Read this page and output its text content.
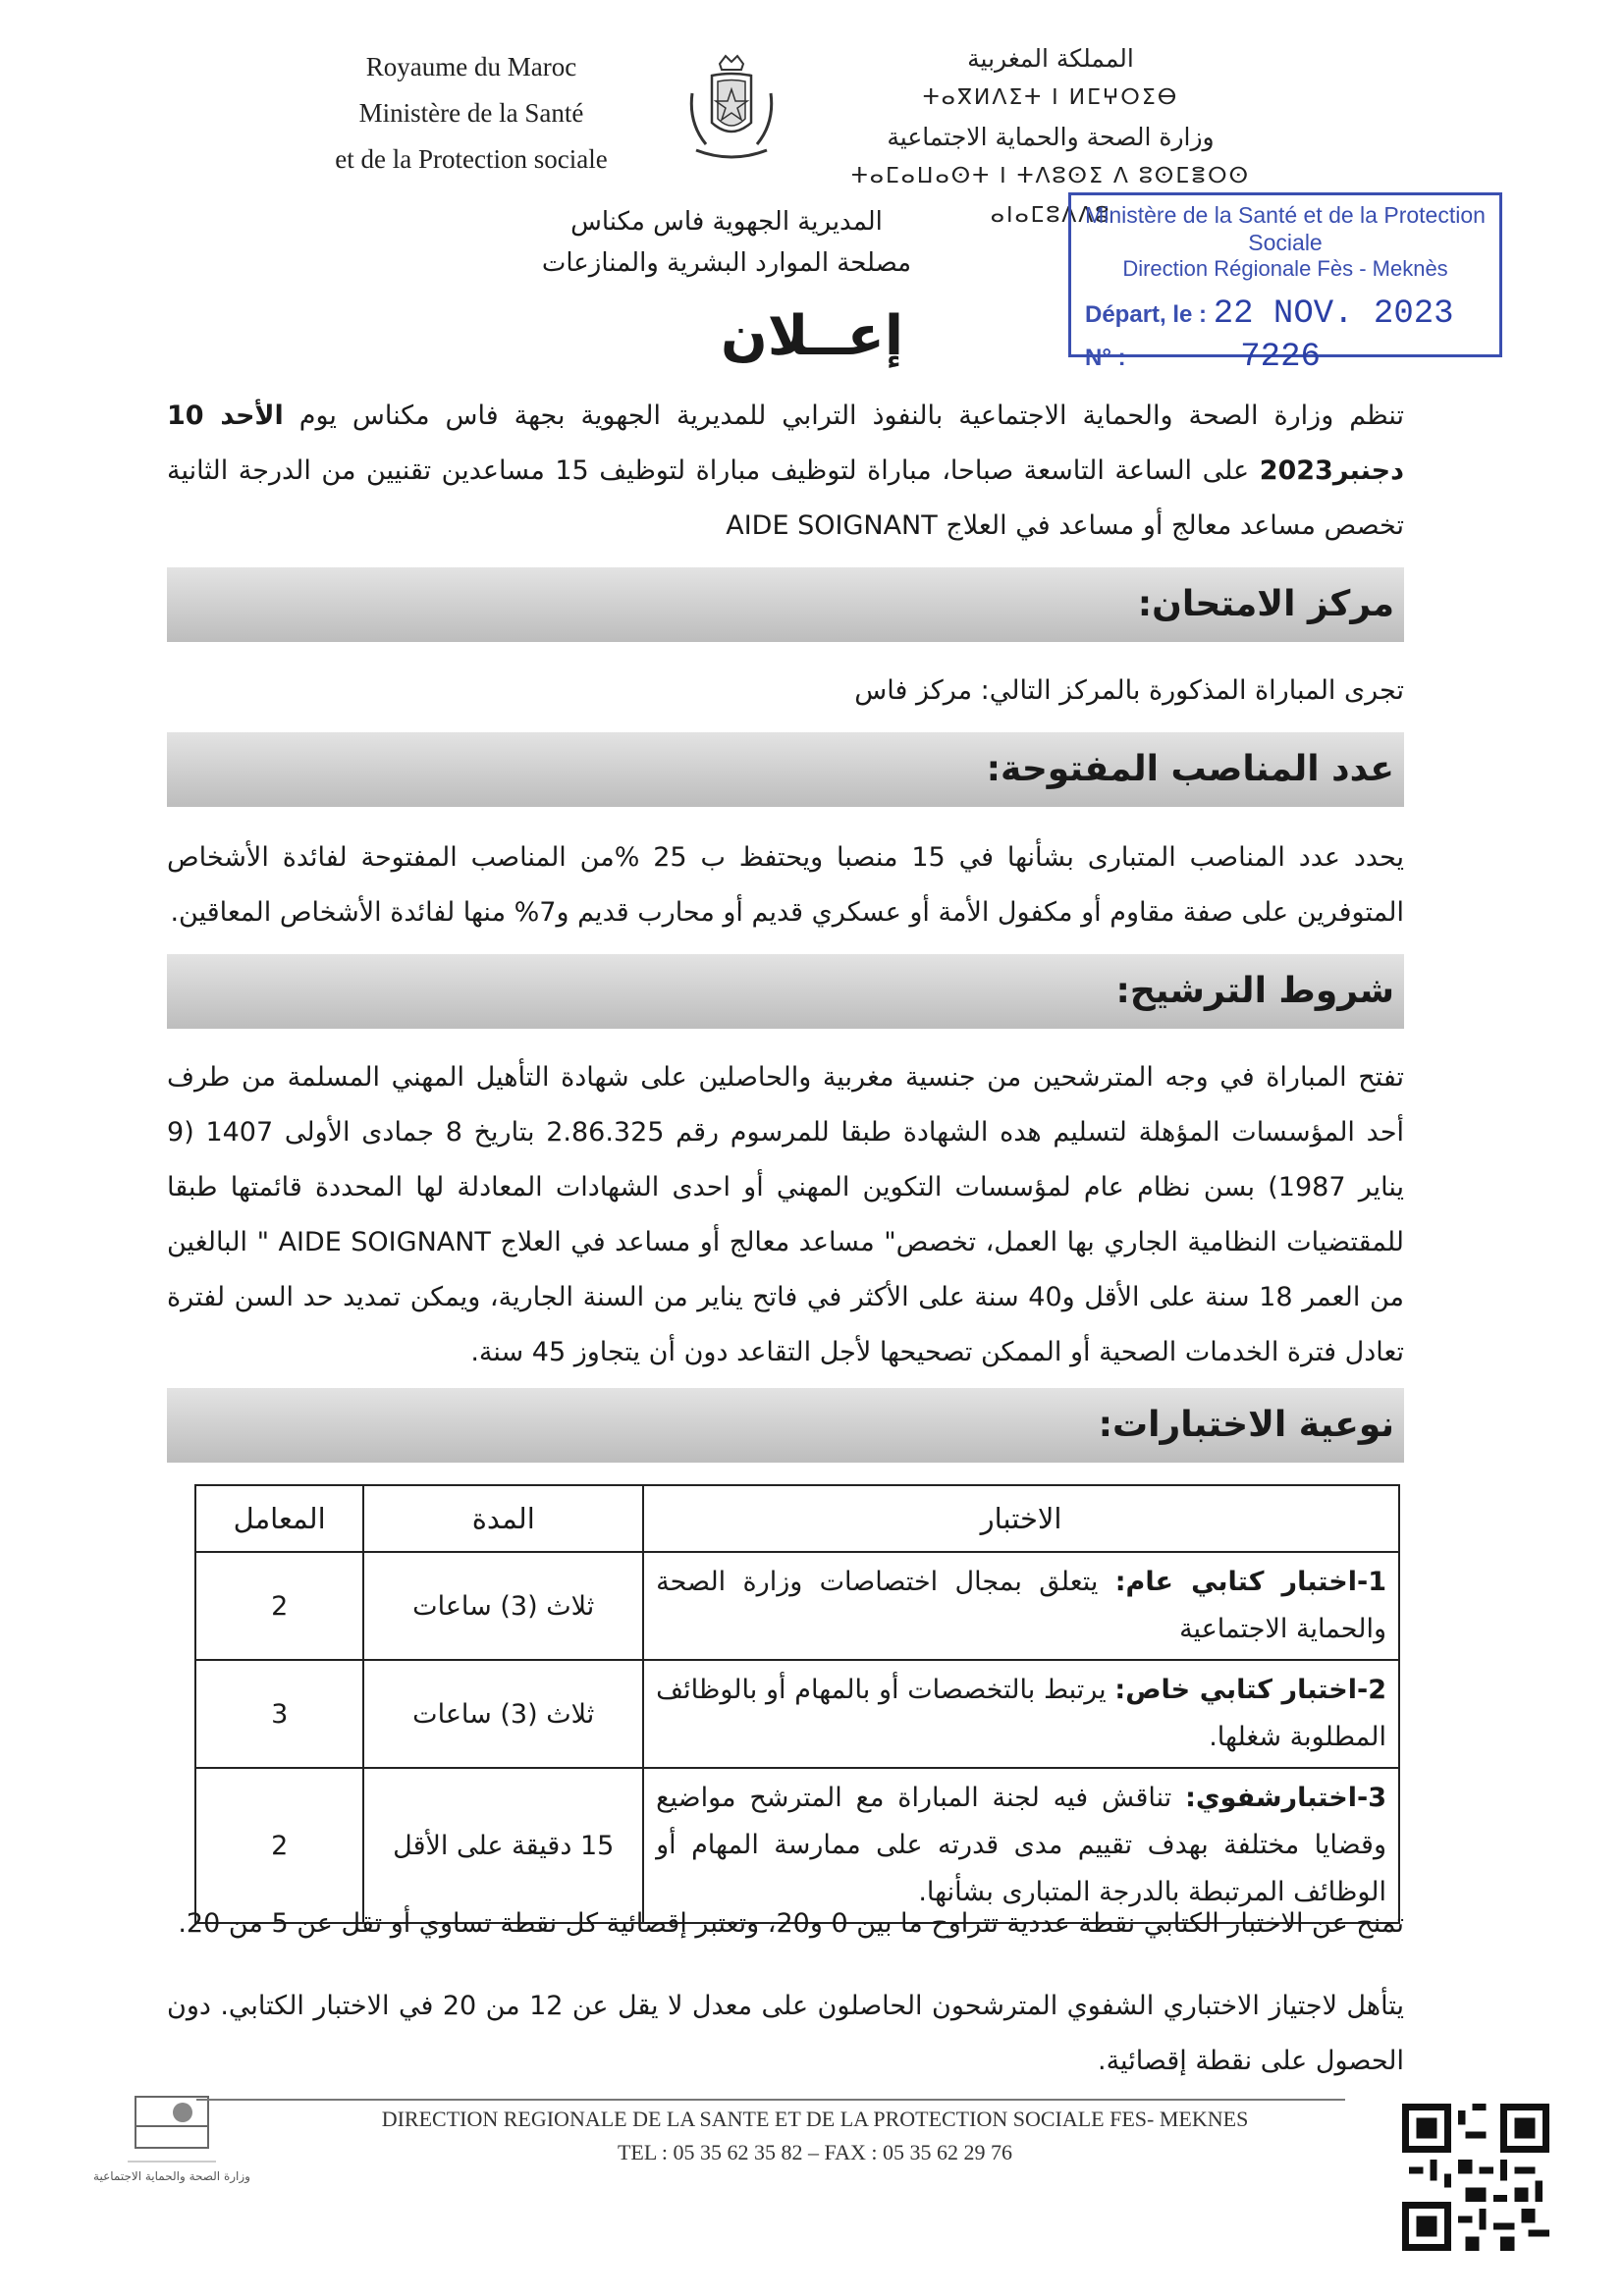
Royaume du Maroc
Ministère de la Santé
et de la Protection sociale
المملكة المغربية
ⵜⴰⴳⵍⴷⵉⵜ ⵏ ⵍⵎⵖⵔⵉⴱ
وزارة الصحة والحماية الاجتماعية
ⵜⴰⵎⴰⵡⴰⵙⵜ ⵏ ⵜⴷⵓⵙⵉ ⴷ ⵓⵙⵎⴻⵔⵙ ⴰⵏⴰⵎⵓⴷⴷⵓ
المديرية الجهوية فاس مكناس
مصلحة الموارد البشرية والمنازعات
Ministère de la Santé et de la Protection Sociale
Direction Régionale Fès - Meknès
Départ, le : 22 NOV. 2023
N° :	7226
إعــلان
تنظم وزارة الصحة والحماية الاجتماعية بالنفوذ الترابي للمديرية الجهوية بجهة فاس مكناس يوم الأحد 10 دجنبر2023 على الساعة التاسعة صباحا، مباراة لتوظيف مباراة لتوظيف 15 مساعدين تقنيين من الدرجة الثانية تخصص مساعد معالج أو مساعد في العلاج AIDE SOIGNANT
مركز الامتحان:
تجرى المباراة المذكورة بالمركز التالي: مركز فاس
عدد المناصب المفتوحة:
يحدد عدد المناصب المتبارى بشأنها في 15 منصبا ويحتفظ ب 25 %من المناصب المفتوحة لفائدة الأشخاص المتوفرين على صفة مقاوم أو مكفول الأمة أو عسكري قديم أو محارب قديم و7% منها لفائدة الأشخاص المعاقين.
شروط الترشيح:
تفتح المباراة في وجه المترشحين من جنسية مغربية والحاصلين على شهادة التأهيل المهني المسلمة من طرف أحد المؤسسات المؤهلة لتسليم هده الشهادة طبقا للمرسوم رقم 2.86.325 بتاريخ 8 جمادى الأولى 1407 (9 يناير 1987) بسن نظام عام لمؤسسات التكوين المهني أو احدى الشهادات المعادلة لها المحددة قائمتها طبقا للمقتضيات النظامية الجاري بها العمل، تخصص" مساعد معالج أو مساعد في العلاج AIDE SOIGNANT " البالغين من العمر 18 سنة على الأقل و40 سنة على الأكثر في فاتح يناير من السنة الجارية، ويمكن تمديد حد السن لفترة تعادل فترة الخدمات الصحية أو الممكن تصحيحها لأجل التقاعد دون أن يتجاوز 45 سنة.
نوعية الاختبارات:
الاختبار	المدة	المعامل
1-اختبار كتابي عام: يتعلق بمجال اختصاصات وزارة الصحة والحماية الاجتماعية	ثلاث (3) ساعات	2
2-اختبار كتابي خاص: يرتبط بالتخصصات أو بالمهام أو بالوظائف المطلوبة شغلها.	ثلاث (3) ساعات	3
3-اختبارشفوي: تناقش فيه لجنة المباراة مع المترشح مواضيع وقضايا مختلفة بهدف تقييم مدى قدرته على ممارسة المهام أو الوظائف المرتبطة بالدرجة المتبارى بشأنها.	15 دقيقة على الأقل	2
تمنح عن الاختبار الكتابي نقطة عددية تتراوح ما بين 0 و20، وتعتبر إقصائية كل نقطة تساوي أو تقل عن 5 من 20.
يتأهل لاجتياز الاختباري الشفوي المترشحون الحاصلون على معدل لا يقل عن 12 من 20 في الاختبار الكتابي. دون الحصول على نقطة إقصائية.
وزارة الصحة والحماية الاجتماعية
DIRECTION REGIONALE DE LA SANTE ET DE LA PROTECTION SOCIALE FES- MEKNES
TEL : 05 35 62 35 82 – FAX : 05 35 62 29 76
